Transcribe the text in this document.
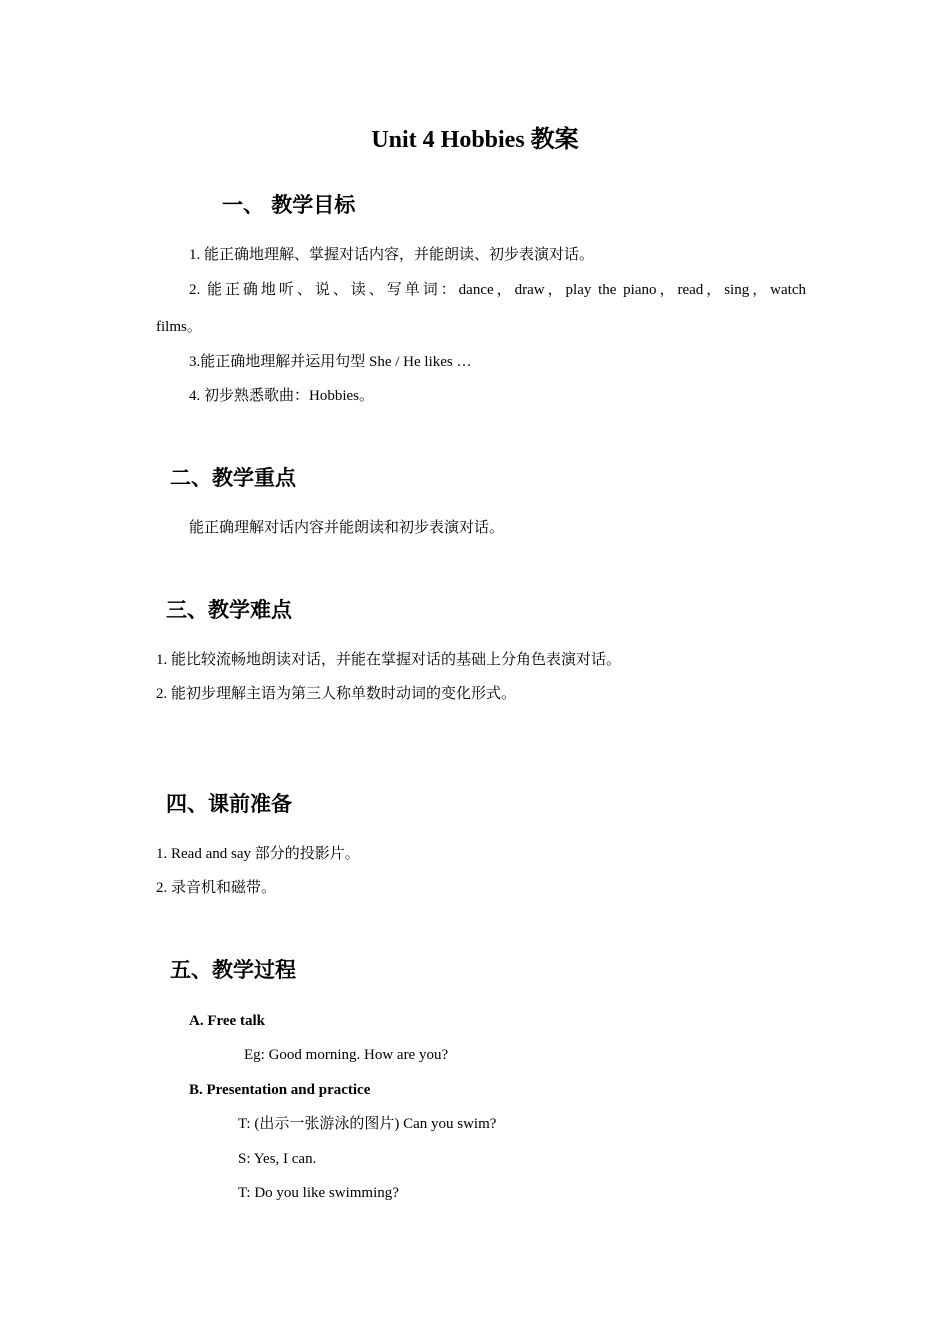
Unit 4 Hobbies 教案
一、 教学目标
1. 能正确地理解、掌握对话内容，并能朗读、初步表演对话。
2. 能正确地听、说、读、写单词：dance，draw，play the piano，read，sing，watch
films。
3.能正确地理解并运用句型 She / He likes …
4. 初步熟悉歌曲：Hobbies。
二、教学重点
能正确理解对话内容并能朗读和初步表演对话。
三、教学难点
1. 能比较流畅地朗读对话，并能在掌握对话的基础上分角色表演对话。
2. 能初步理解主语为第三人称单数时动词的变化形式。
四、课前准备
1. Read and say 部分的投影片。
2. 录音机和磁带。
五、教学过程
A. Free talk
Eg: Good morning. How are you?
B. Presentation and practice
T: (出示一张游泳的图片) Can you swim?
S: Yes, I can.
T: Do you like swimming?
